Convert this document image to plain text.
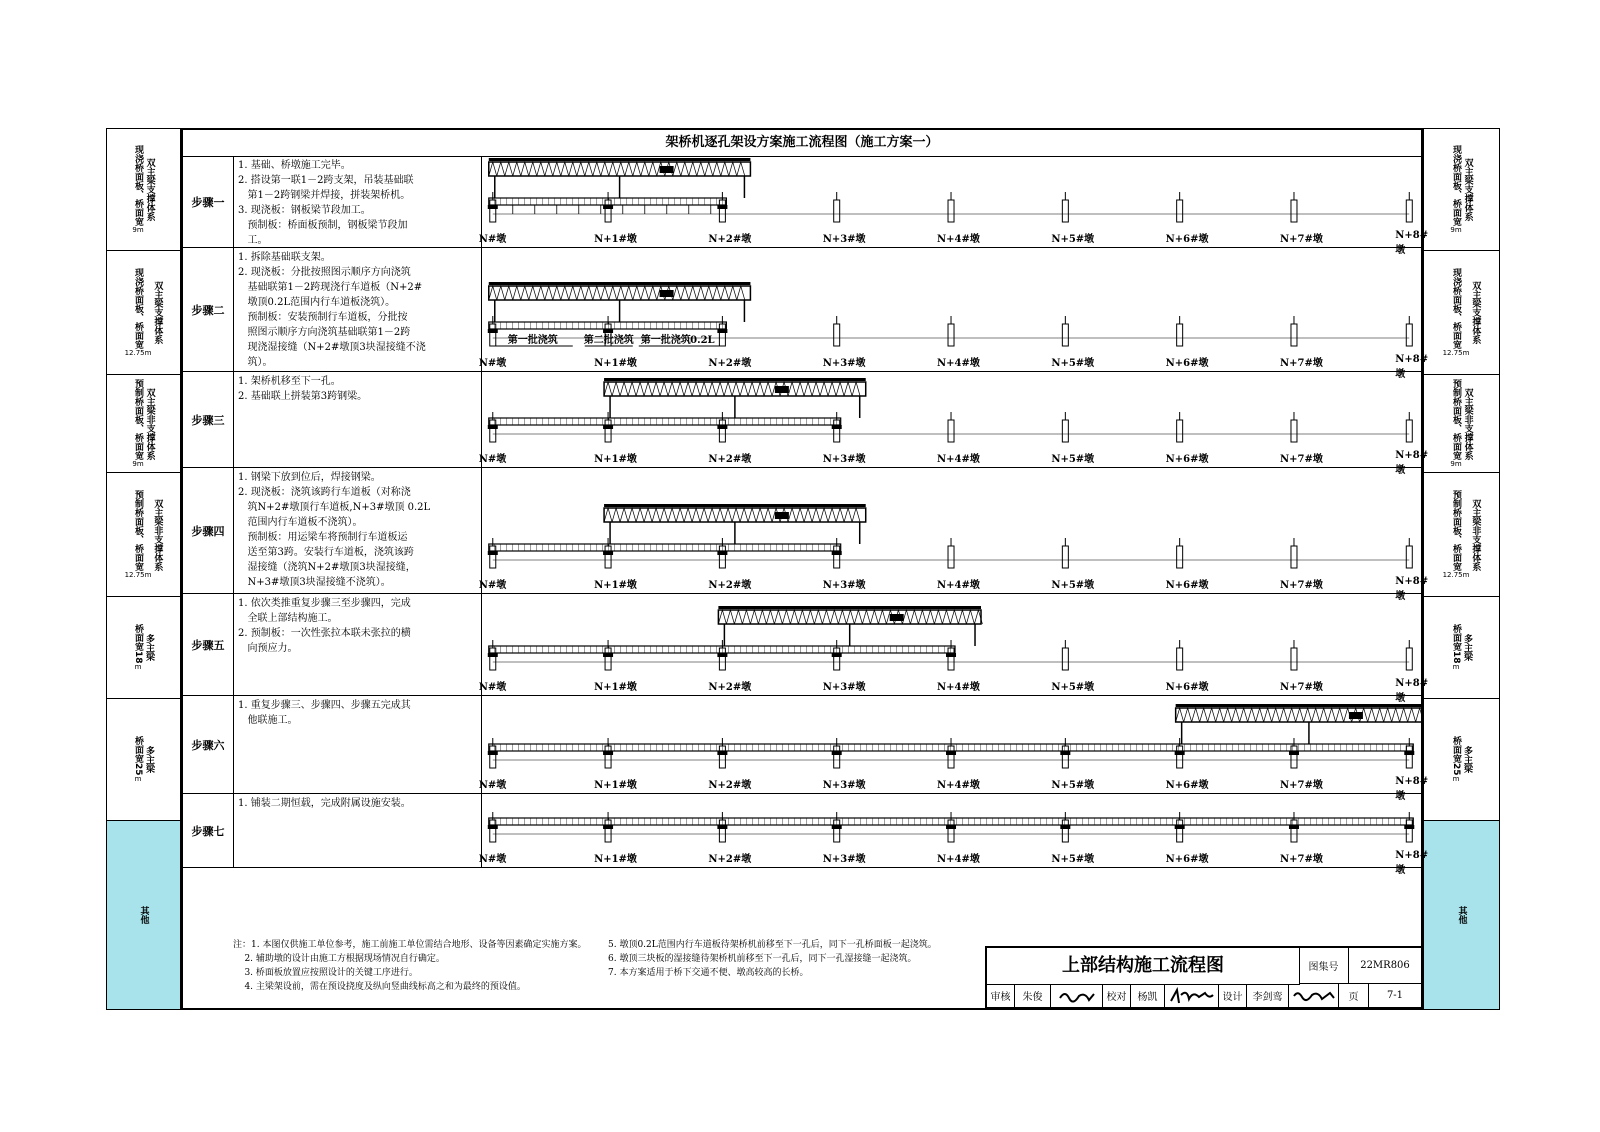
双主梁支撑体系
现浇桥面板、桥面宽
9m
双主梁支撑体系
现浇桥面板、桥面宽
12.75m
双主梁非支撑体系
预制桥面板、桥面宽
9m
双主梁非支撑体系
预制桥面板、桥面宽
12.75m
多主梁
桥面宽18
m
多主梁
桥面宽25
m
其他
双主梁支撑体系
现浇桥面板、桥面宽
9m
双主梁支撑体系
现浇桥面板、桥面宽
12.75m
双主梁非支撑体系
预制桥面板、桥面宽
9m
双主梁非支撑体系
预制桥面板、桥面宽
12.75m
多主梁
桥面宽18
m
多主梁
桥面宽25
m
其他
架桥机逐孔架设方案施工流程图（施工方案一）
步骤一
1. 基础、桥墩施工完毕。
2. 搭设第一联1－2跨支架，吊装基础联
第1－2跨钢梁并焊接，拼装架桥机。
3. 现浇板：钢板梁节段加工。
预制板：桥面板预制，钢板梁节段加
工。	N#墩	N+1#墩	N+2#墩	N+3#墩	N+4#墩	N+5#墩	N+6#墩	N+7#墩	N+8#墩
步骤二
1. 拆除基础联支架。
2. 现浇板：分批按照图示顺序方向浇筑
基础联第1－2跨现浇行车道板（N+2#
墩顶0.2L范围内行车道板浇筑）。
预制板：安装预制行车道板，分批按
照图示顺序方向浇筑基础联第1－2跨
现浇湿接缝（N+2#墩顶3块湿接缝不浇
筑）。
第一批浇筑	第二批浇筑 第一批浇筑 0.2L
N#墩	N+1#墩	N+2#墩	N+3#墩	N+4#墩	N+5#墩	N+6#墩	N+7#墩	N+8#墩
步骤三
1. 架桥机移至下一孔。
2. 基础联上拼装第3跨钢梁。
N#墩	N+1#墩	N+2#墩	N+3#墩	N+4#墩	N+5#墩	N+6#墩	N+7#墩	N+8#墩
步骤四
1. 钢梁下放到位后，焊接钢梁。
2. 现浇板：浇筑该跨行车道板（对称浇
筑N+2#墩顶行车道板,N+3#墩顶 0.2L
范围内行车道板不浇筑）。
预制板：用运梁车将预制行车道板运
送至第3跨。安装行车道板，浇筑该跨
湿接缝（浇筑N+2#墩顶3块湿接缝，
N+3#墩顶3块湿接缝不浇筑）。	N#墩	N+1#墩	N+2#墩	N+3#墩	N+4#墩	N+5#墩	N+6#墩	N+7#墩	N+8#墩
步骤五
1. 依次类推重复步骤三至步骤四，完成
全联上部结构施工。
2. 预制板：一次性张拉本联未张拉的横
向预应力。
N#墩	N+1#墩	N+2#墩	N+3#墩	N+4#墩	N+5#墩	N+6#墩	N+7#墩	N+8#墩
步骤六
1. 重复步骤三、步骤四、步骤五完成其
他联施工。
N#墩	N+1#墩	N+2#墩	N+3#墩	N+4#墩	N+5#墩	N+6#墩	N+7#墩	N+8#墩
步骤七
1. 铺装二期恒载，完成附属设施安装。
N#墩	N+1#墩	N+2#墩	N+3#墩	N+4#墩	N+5#墩	N+6#墩	N+7#墩	N+8#墩
注：1. 本图仅供施工单位参考，施工前施工单位需结合地形、设备等因素确定实施方案。
2. 辅助墩的设计由施工方根据现场情况自行确定。
3. 桥面板放置应按照设计的关键工序进行。
4. 主梁架设前，需在预设挠度及纵向竖曲线标高之和为最终的预设值。
5. 墩顶0.2L范围内行车道板待架桥机前移至下一孔后，同下一孔桥面板一起浇筑。
6. 墩顶三块板的湿接缝待架桥机前移至下一孔后，同下一孔湿接缝一起浇筑。
7. 本方案适用于桥下交通不便、墩高较高的长桥。	上部结构施工流程图	图集号	22MR806
审核	朱俊	校对	杨凯	设计	李剑鸾	页	7-1
